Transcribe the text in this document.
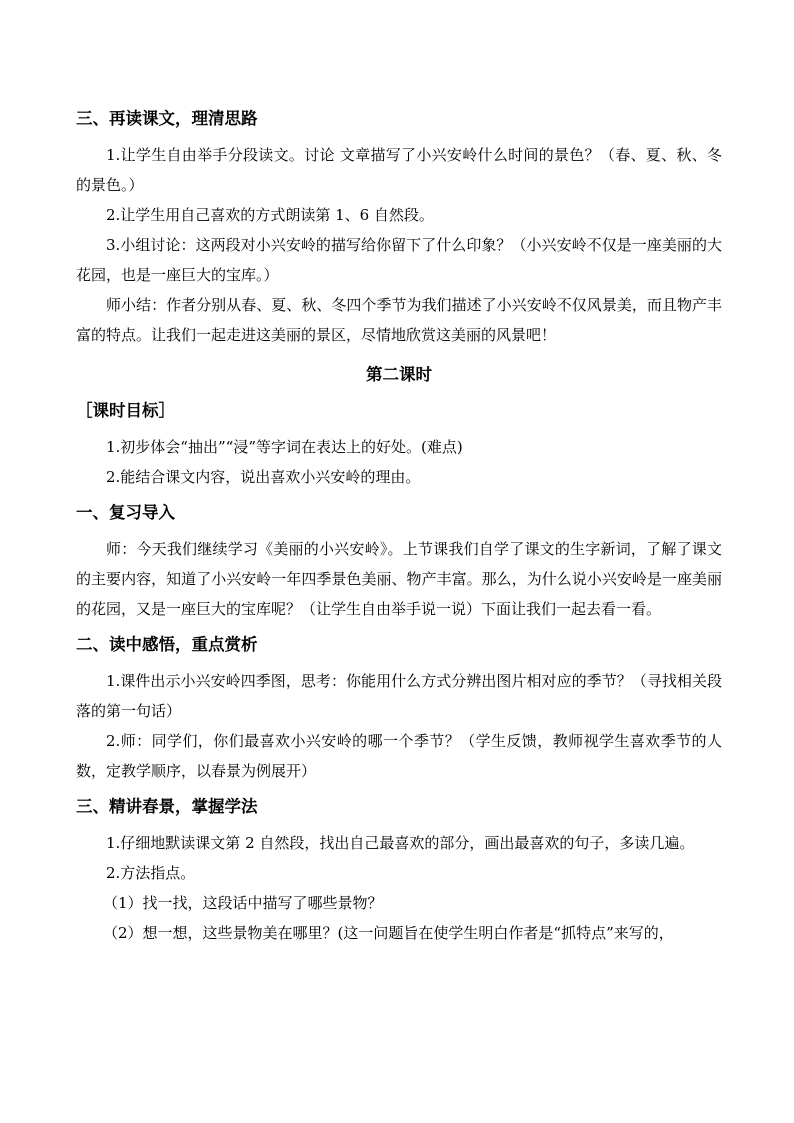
三、再读课文，理清思路

1.让学生自由举手分段读文。讨论 文章描写了小兴安岭什么时间的景色？（春、夏、秋、冬的景色。）

2.让学生用自己喜欢的方式朗读第 1、6 自然段。

3.小组讨论：这两段对小兴安岭的描写给你留下了什么印象？（小兴安岭不仅是一座美丽的大花园，也是一座巨大的宝库。）

师小结：作者分别从春、夏、秋、冬四个季节为我们描述了小兴安岭不仅风景美，而且物产丰富的特点。让我们一起走进这美丽的景区，尽情地欣赏这美丽的风景吧！

第二课时
［课时目标］

1.初步体会“抽出”“浸”等字词在表达上的好处。(难点)

2.能结合课文内容，说出喜欢小兴安岭的理由。

一、复习导入

师：今天我们继续学习《美丽的小兴安岭》。上节课我们自学了课文的生字新词，了解了课文的主要内容，知道了小兴安岭一年四季景色美丽、物产丰富。那么，为什么说小兴安岭是一座美丽的花园，又是一座巨大的宝库呢？（让学生自由举手说一说）下面让我们一起去看一看。

二、读中感悟，重点赏析

1.课件出示小兴安岭四季图，思考：你能用什么方式分辨出图片相对应的季节？（寻找相关段落的第一句话）

2.师：同学们，你们最喜欢小兴安岭的哪一个季节？（学生反馈，教师视学生喜欢季节的人数，定教学顺序，以春景为例展开）

三、精讲春景，掌握学法

1.仔细地默读课文第 2 自然段，找出自己最喜欢的部分，画出最喜欢的句子，多读几遍。

2.方法指点。

（1）找一找，这段话中描写了哪些景物？

（2）想一想，这些景物美在哪里？(这一问题旨在使学生明白作者是“抓特点”来写的，
